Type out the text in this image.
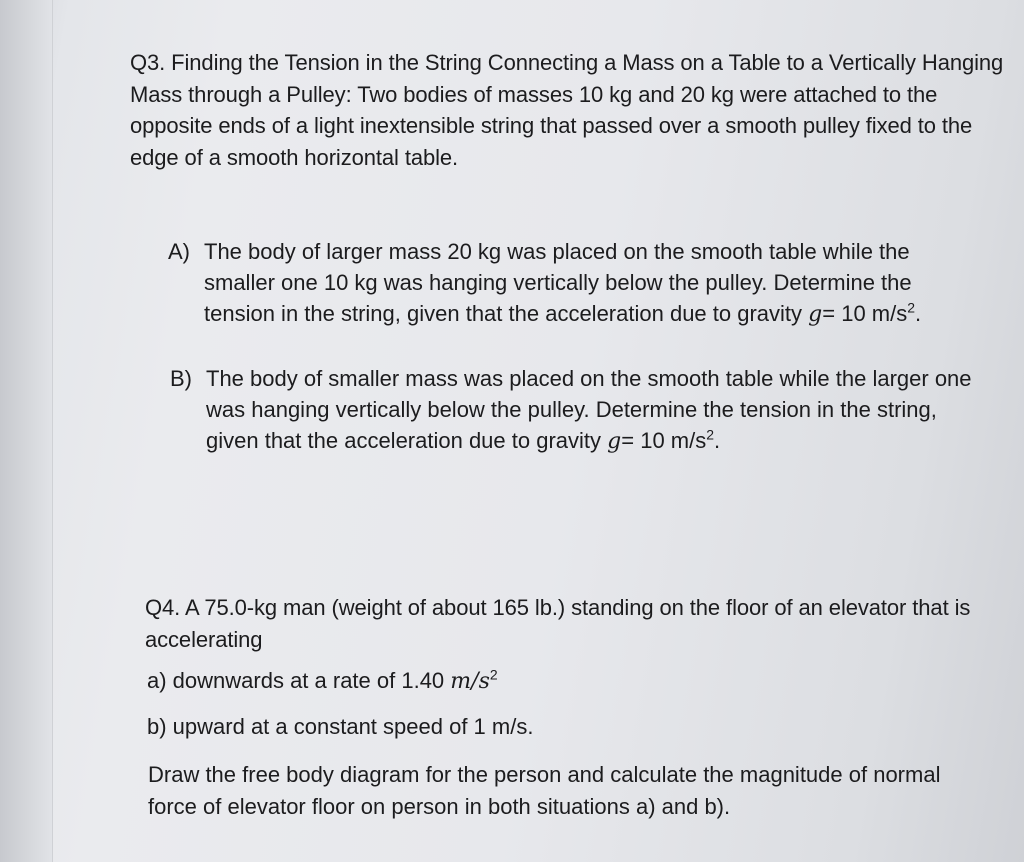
Q3. Finding the Tension in the String Connecting a Mass on a Table to a Vertically Hanging Mass through a Pulley: Two bodies of masses 10 kg and 20 kg were attached to the opposite ends of a light inextensible string that passed over a smooth pulley fixed to the edge of a smooth horizontal table.

A) The body of larger mass 20 kg was placed on the smooth table while the smaller one 10 kg was hanging vertically below the pulley. Determine the tension in the string, given that the acceleration due to gravity g= 10 $m/s^2$.

B) The body of smaller mass was placed on the smooth table while the larger one was hanging vertically below the pulley. Determine the tension in the string, given that the acceleration due to gravity g= 10 $m/s^2$.

Q4. A 75.0-kg man (weight of about 165 lb.) standing on the floor of an elevator that is accelerating

a) downwards at a rate of 1.40 $m/s^2$

b) upward at a constant speed of 1 m/s.

Draw the free body diagram for the person and calculate the magnitude of normal force of elevator floor on person in both situations a) and b).
